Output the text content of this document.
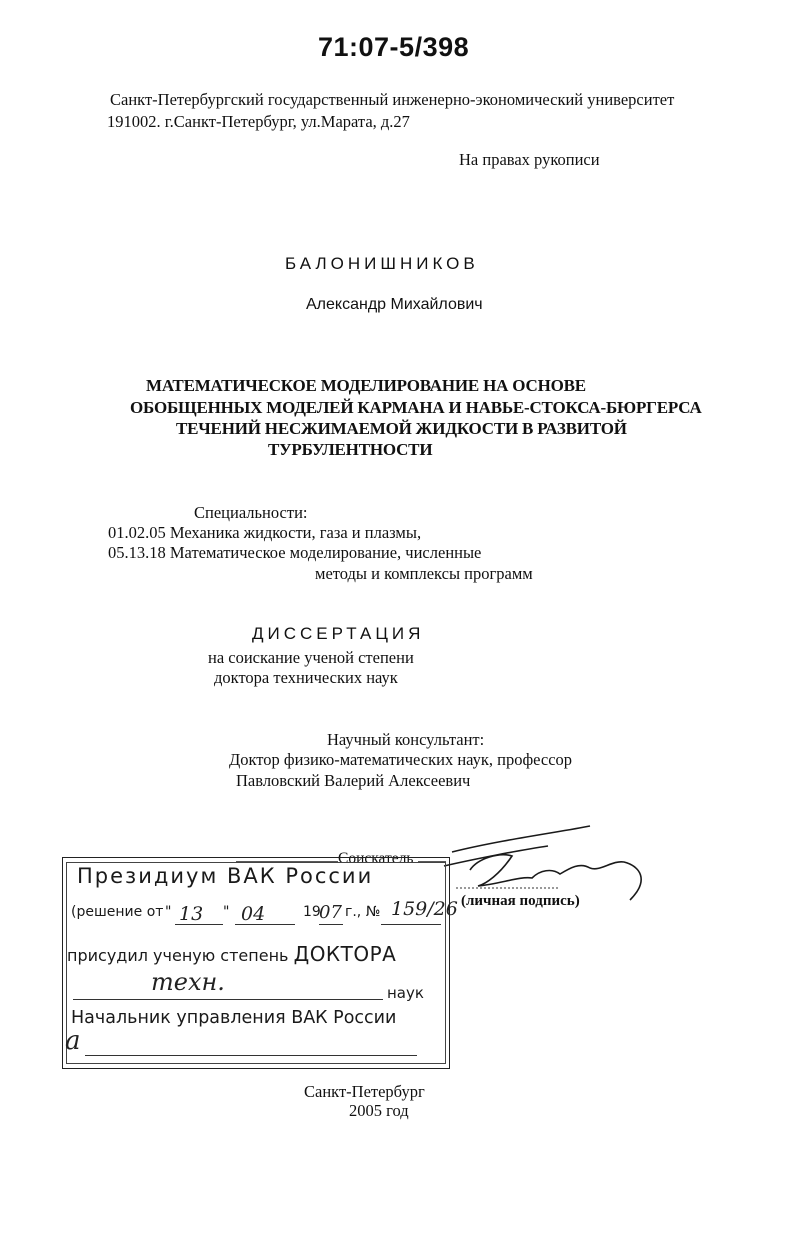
71:07-5/398
Санкт-Петербургский государственный инженерно-экономический университет
191002. г.Санкт-Петербург, ул.Марата, д.27
На правах рукописи
БАЛОНИШНИКОВ
Александр Михайлович
МАТЕМАТИЧЕСКОЕ МОДЕЛИРОВАНИЕ НА ОСНОВЕ
ОБОБЩЕННЫХ МОДЕЛЕЙ КАРМАНА И НАВЬЕ-СТОКСА-БЮРГЕРСА
ТЕЧЕНИЙ НЕСЖИМАЕМОЙ ЖИДКОСТИ В РАЗВИТОЙ
ТУРБУЛЕНТНОСТИ
Специальности:
01.02.05 Механика жидкости, газа и плазмы,
05.13.18 Математическое моделирование, численные
методы и комплексы программ
ДИССЕРТАЦИЯ
на соискание ученой степени
доктора технических наук
Научный консультант:
Доктор физико-математических наук, профессор
Павловский Валерий Алексеевич
Соискатель
(личная подпись)
Президиум ВАК России
(решение от "	"	19 г., №
13 04	07	159/26
присудил ученую степень ДОКТОРА
техн.	наук
Начальник управления ВАК России
а
Санкт-Петербург
2005 год
